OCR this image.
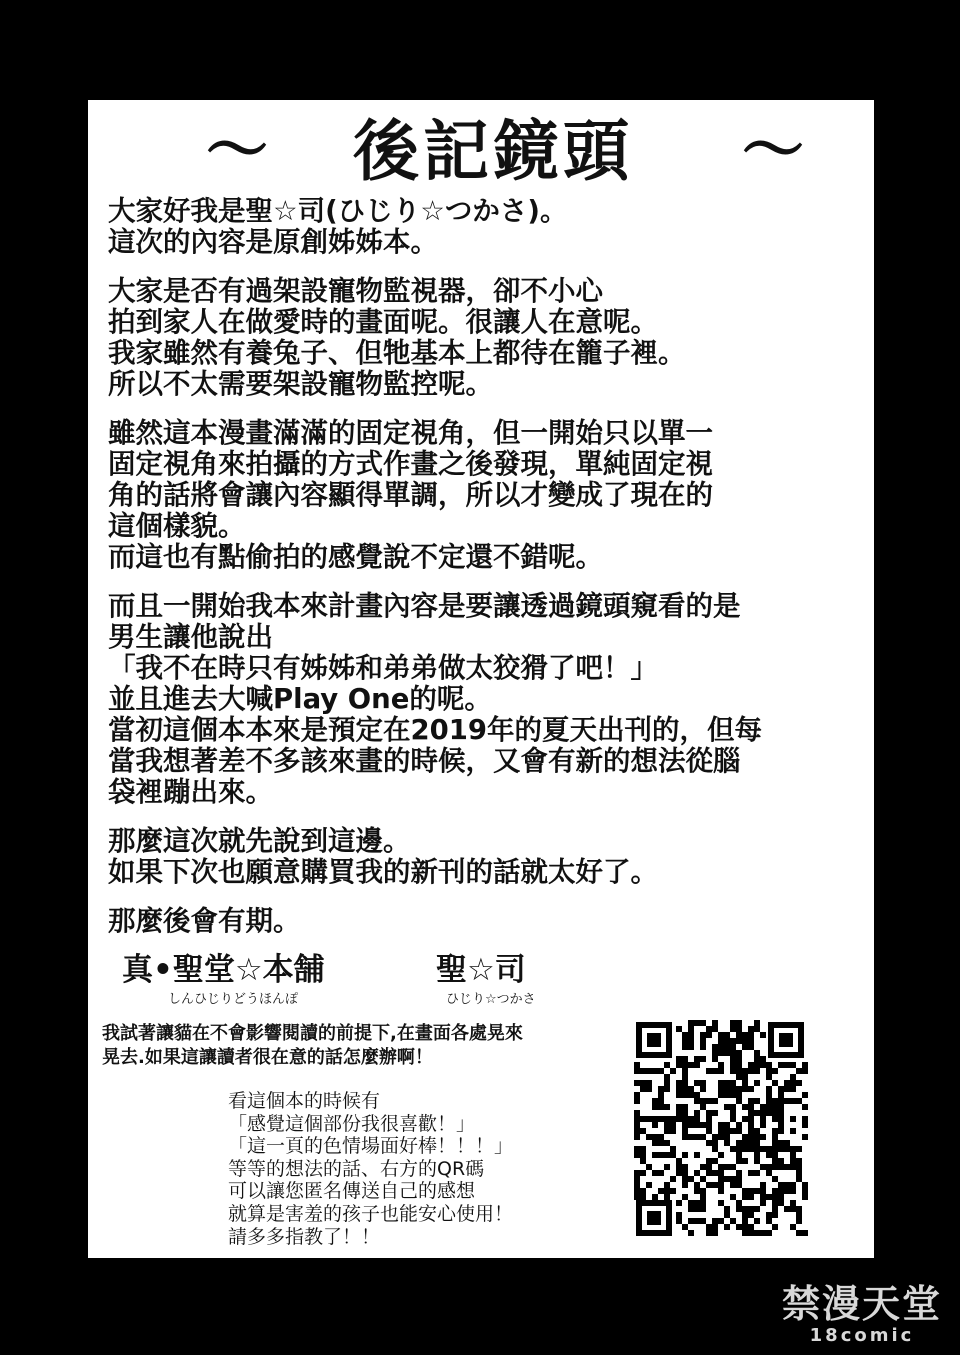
〜 後記鏡頭 〜
大家好我是聖☆司(ひじり☆つかさ)。
這次的內容是原創姊姊本。
大家是否有過架設寵物監視器，卻不小心
拍到家人在做愛時的畫面呢。很讓人在意呢。
我家雖然有養兔子、但牠基本上都待在籠子裡。
所以不太需要架設寵物監控呢。
雖然這本漫畫滿滿的固定視角，但一開始只以單一
固定視角來拍攝的方式作畫之後發現，單純固定視
角的話將會讓內容顯得單調，所以才變成了現在的
這個樣貌。
而這也有點偷拍的感覺說不定還不錯呢。
而且一開始我本來計畫內容是要讓透過鏡頭窺看的是
男生讓他說出
「我不在時只有姊姊和弟弟做太狡猾了吧！」
並且進去大喊Play One的呢。
當初這個本本來是預定在2019年的夏天出刊的，但每
當我想著差不多該來畫的時候，又會有新的想法從腦
袋裡蹦出來。
那麼這次就先說到這邊。
如果下次也願意購買我的新刊的話就太好了。
那麼後會有期。
真•聖堂☆本舗
しんひじりどうほんぽ
聖☆司
ひじり☆つかさ
我試著讓貓在不會影響閱讀的前提下,在畫面各處晃來
晃去.如果這讓讀者很在意的話怎麼辦啊！
看這個本的時候有
「感覺這個部份我很喜歡！」
「這一頁的色情場面好棒！！！」
等等的想法的話、右方的QR碼
可以讓您匿名傳送自己的感想
就算是害羞的孩子也能安心使用！
請多多指教了！！
禁漫天堂
18comic
